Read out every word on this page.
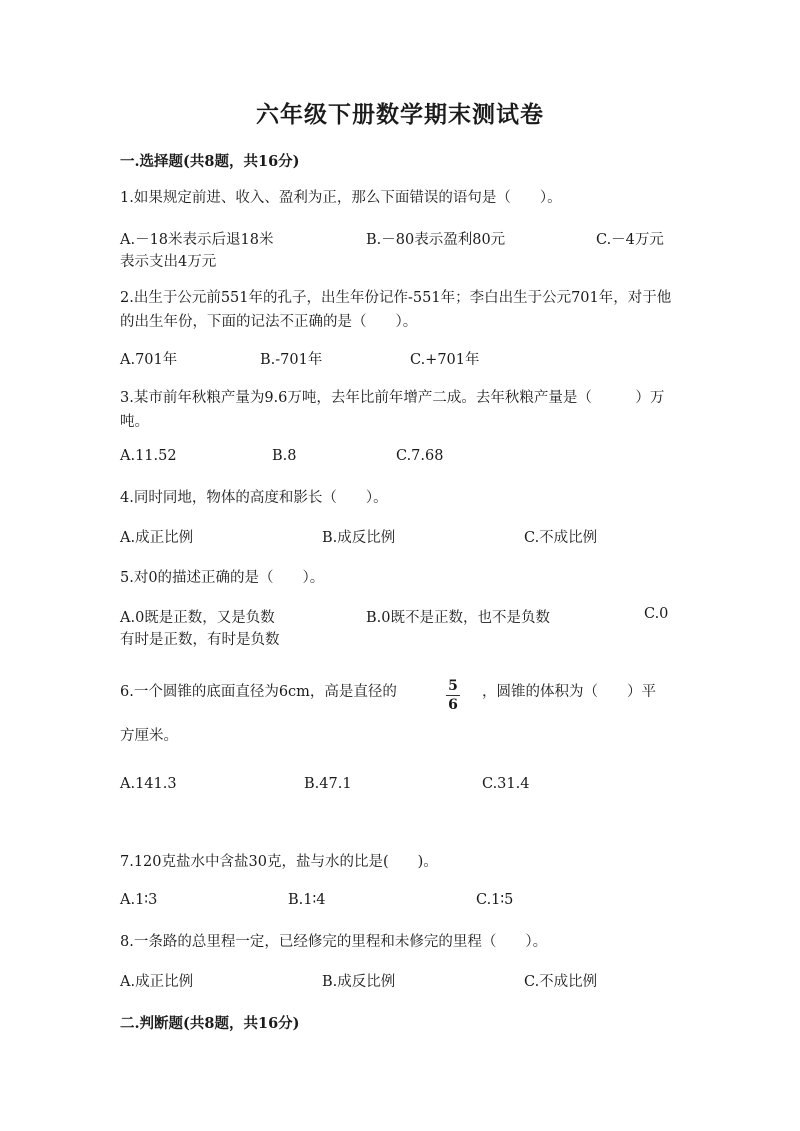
六年级下册数学期末测试卷
一.选择题(共8题，共16分)
1.如果规定前进、收入、盈利为正，那么下面错误的语句是（　　）。
A.－18米表示后退18米	B.－80表示盈利80元	C.－4万元
表示支出4万元
2.出生于公元前551年的孔子，出生年份记作-551年；李白出生于公元701年，对于他的出生年份，下面的记法不正确的是（　　）。
A.701年	B.-701年	C.+701年
3.某市前年秋粮产量为9.6万吨，去年比前年增产二成。去年秋粮产量是（　　　）万吨。
A.11.52	B.8	C.7.68
4.同时同地，物体的高度和影长（　　）。
A.成正比例	B.成反比例	C.不成比例
5.对0的描述正确的是（　　）。
A.0既是正数，又是负数	B.0既不是正数，也不是负数	C.0
有时是正数，有时是负数
6.一个圆锥的底面直径为6cm，高是直径的	5
6
，圆锥的体积为（　　）平
方厘米。
A.141.3	B.47.1	C.31.4
7.120克盐水中含盐30克，盐与水的比是(　　)。
A.1∶3	B.1∶4	C.1∶5
8.一条路的总里程一定，已经修完的里程和未修完的里程（　　）。
A.成正比例	B.成反比例	C.不成比例
二.判断题(共8题，共16分)
